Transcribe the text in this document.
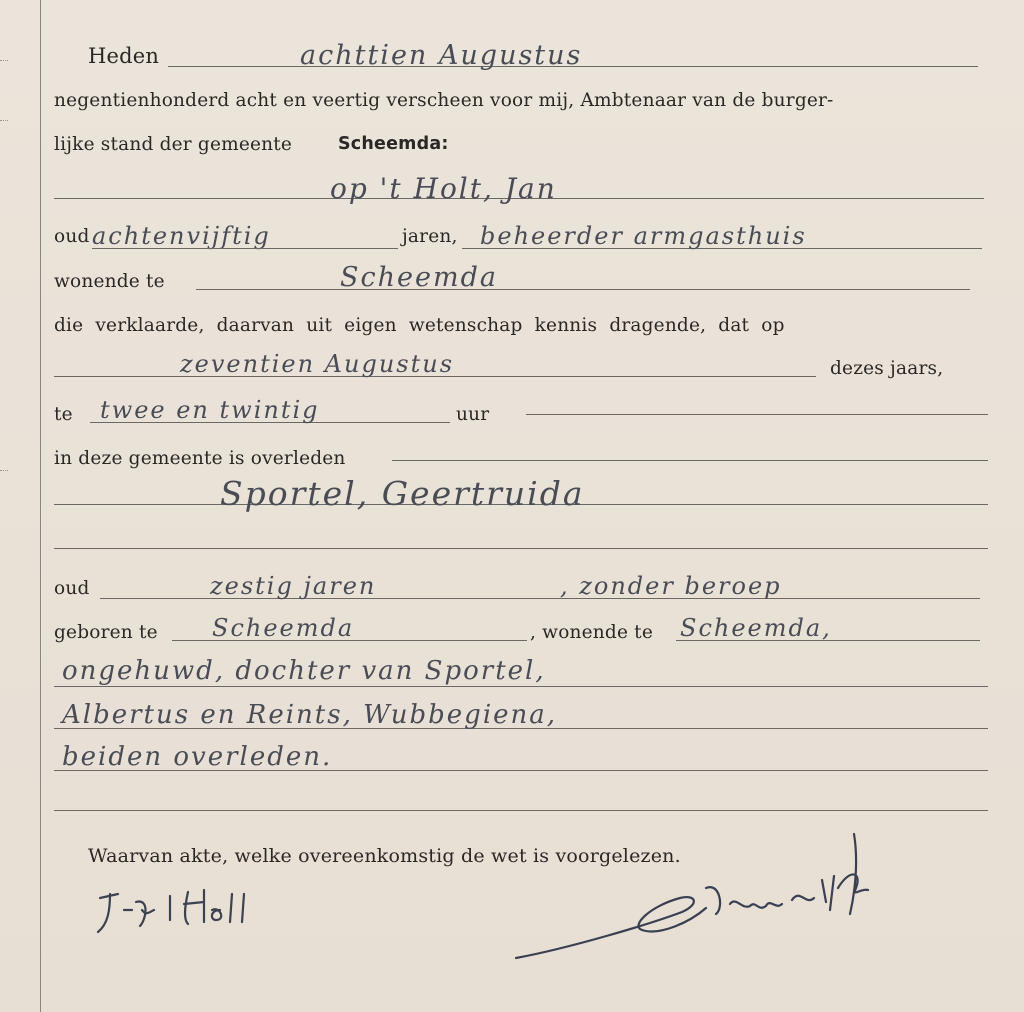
Heden	achttien Augustus
negentienhonderd acht en veertig verscheen voor mij, Ambtenaar van de burger-
lijke stand der gemeente	Scheemda:
op 't Holt, Jan
oud achtenvijftig	jaren, beheerder armgasthuis
wonende te	Scheemda
die verklaarde, daarvan uit eigen wetenschap kennis dragende, dat op
zeventien Augustus	dezes jaars,
te twee en twintig	uur
in deze gemeente is overleden
Sportel, Geertruida
oud	zestig jaren	, zonder beroep
geboren te Scheemda	, wonende te Scheemda,
ongehuwd, dochter van Sportel,
Albertus en Reints, Wubbegiena,
beiden overleden.
Waarvan akte, welke overeenkomstig de wet is voorgelezen.
